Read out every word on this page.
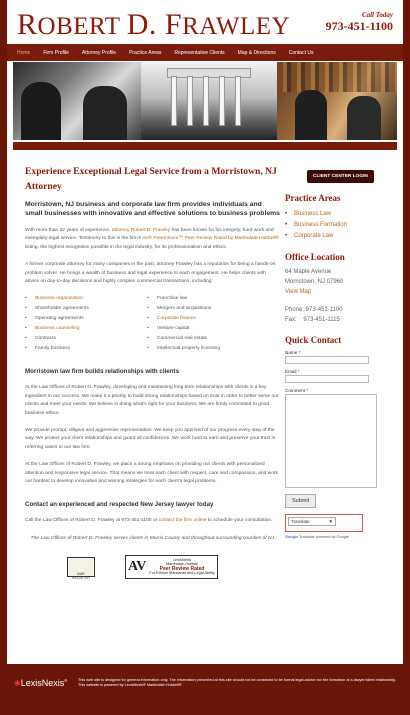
ROBERT D. FRAWLEY	Call Today
973-451-1100
Home	Firm Profile	Attorney Profile	Practice Areas	Representative Clients	Map & Directions	Contact Us
Experience Exceptional Legal Service from a Morristown, NJ Attorney
Morristown, NJ business and corporate law firm provides individuals and small businesses with innovative and effective solutions to business problems
With more than 32 years of experience, attorney Robert D. Frawley has been known for his integrity, hard work and exemplary legal service. Testimony to this is the firm's AV® Preeminent™ Peer Review Rated by Martindale-Hubbell® listing, the highest recognition possible in the legal industry, for its professionalism and ethics.
A former corporate attorney for many companies in the past, attorney Frawley has a reputation for being a hands-on problem solver. He brings a wealth of business and legal experience to each engagement. He helps clients with advice on day-to-day decisions and highly complex commercial transactions, including:
• Business organization
• Shareholder agreements
• Operating agreements
• Business counseling
• Contracts
• Family business
• Franchise law
• Mergers and acquisitions
• Corporate finance
• Venture capital
• Commercial real estate
• Intellectual property licensing
Morristown law firm builds relationships with clients
At the Law Offices of Robert D. Frawley, developing and maintaining long term relationships with clients is a key ingredient in our success. We make it a priority to build strong relationships based on trust in order to better serve our clients and meet your needs. We believe in doing what's right for your business. We are firmly committed to good business ethics.
We provide prompt, diligent and aggressive representation. We keep you apprised of our progress every step of the way. We protect your client relationships and guard all confidences. We work hard to earn and preserve your trust in referring cases to our law firm.
At the Law Offices of Robert D. Frawley, we place a strong emphasis on providing our clients with personalized attention and responsive legal service. That means we treat each client with respect, care and compassion, and work our hardest to develop innovative and winning strategies for each client's legal problems.
Contact an experienced and respected New Jersey lawyer today
Call the Law Offices of Robert D. Frawley at 973-451-1100 or contact the firm online to schedule your consultation.
The Law Offices of Robert D. Frawley serves clients in Morris County and throughout surrounding counties of NJ.
BAR REGISTER
AV	LexisNexis
Martindale-Hubbell
Peer Review Rated
For Ethical Standards and Legal Ability
CLIENT CENTER LOGIN
Practice Areas
• Business Law
• Business Formation
• Corporate Law
Office Location
64 Maple Avenue
Morristown, NJ 07960
View Map
Phone: 973-451-1100
Fax:    973-451-1115
Quick Contact
Name *
Email *
Comment *
Submit
Translate	▼
Google Translate powered by Google
✱LexisNexis®	This web site is designed for general information only. The information presented at this site should not be construed to be formal legal advice nor the formation of a lawyer/client relationship. This website is powered by LexisNexis® Martindale-Hubbell®.
